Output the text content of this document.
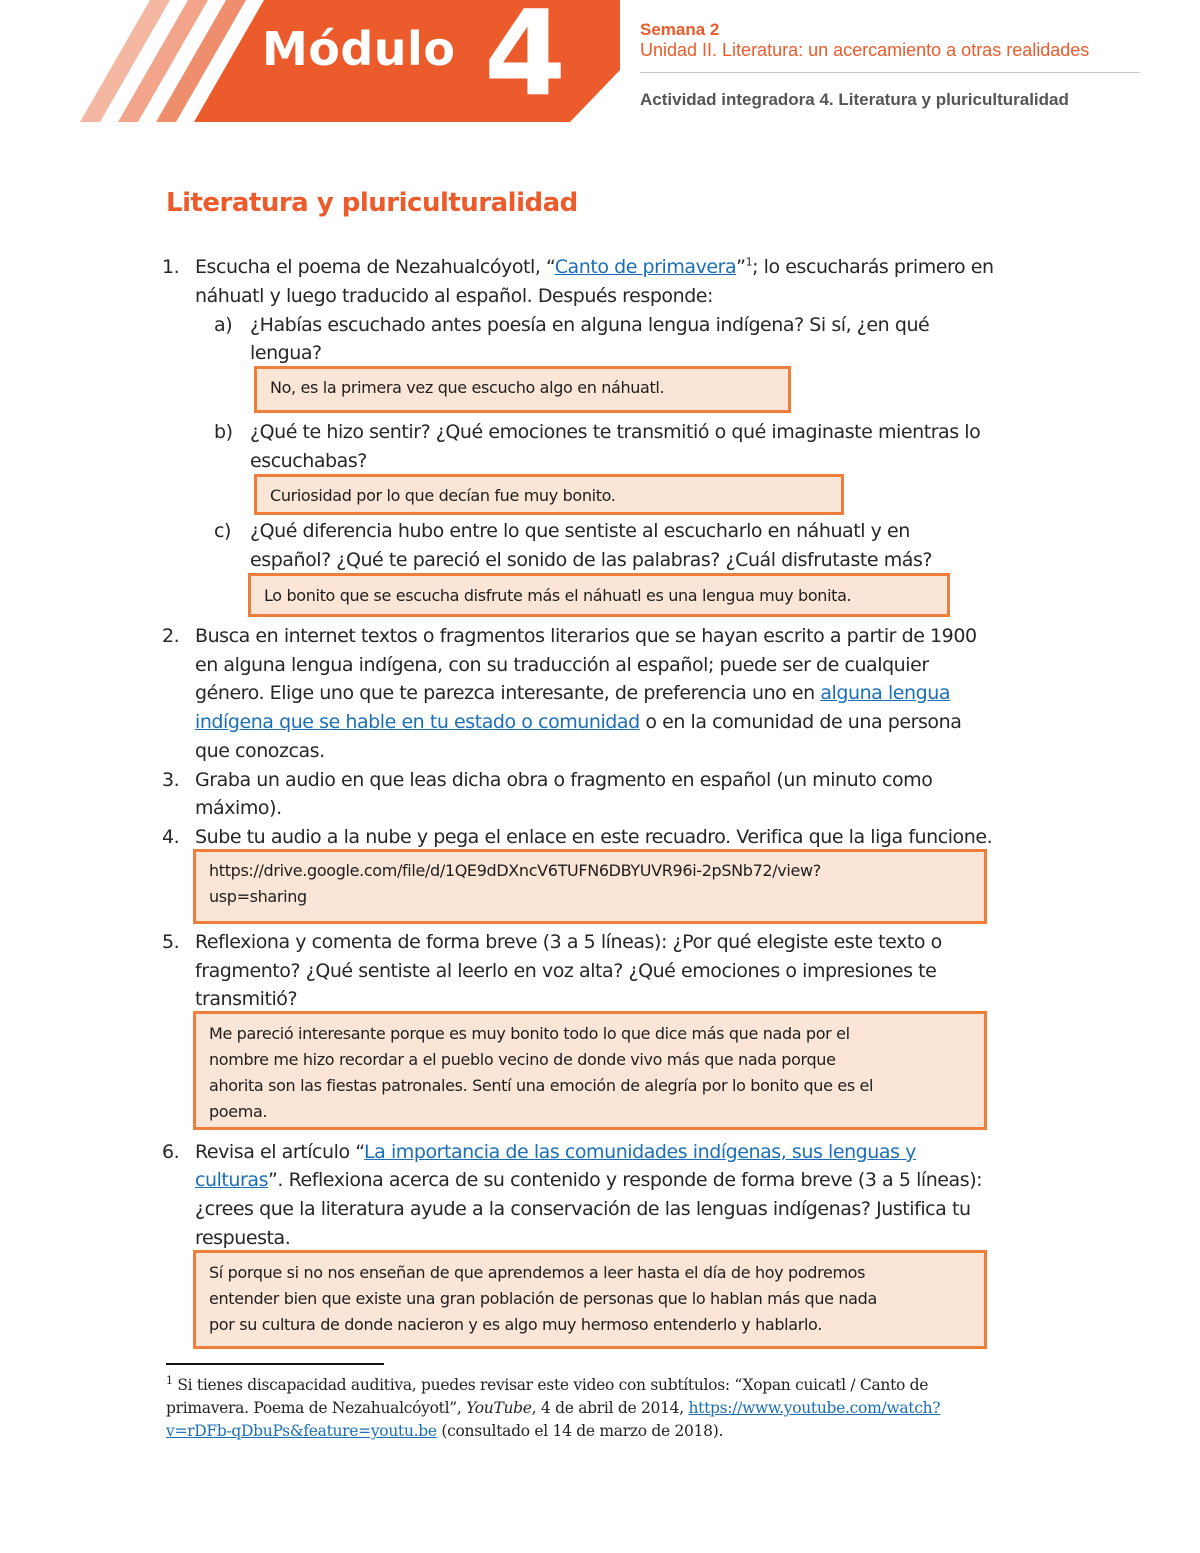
Módulo 4	Semana 2
Unidad II. Literatura: un acercamiento a otras realidades
Actividad integradora 4. Literatura y pluriculturalidad
Literatura y pluriculturalidad
1. Escucha el poema de Nezahualcóyotl, “Canto de primavera”$^1$; lo escucharás primero en
náhuatl y luego traducido al español. Después responde:
a) ¿Habías escuchado antes poesía en alguna lengua indígena? Si sí, ¿en qué
lengua?
No, es la primera vez que escucho algo en náhuatl.
b) ¿Qué te hizo sentir? ¿Qué emociones te transmitió o qué imaginaste mientras lo
escuchabas?
Curiosidad por lo que decían fue muy bonito.
c) ¿Qué diferencia hubo entre lo que sentiste al escucharlo en náhuatl y en
español? ¿Qué te pareció el sonido de las palabras? ¿Cuál disfrutaste más?
Lo bonito que se escucha disfrute más el náhuatl es una lengua muy bonita.
2. Busca en internet textos o fragmentos literarios que se hayan escrito a partir de 1900
en alguna lengua indígena, con su traducción al español; puede ser de cualquier
género. Elige uno que te parezca interesante, de preferencia uno en alguna lengua
indígena que se hable en tu estado o comunidad o en la comunidad de una persona
que conozcas.
3. Graba un audio en que leas dicha obra o fragmento en español (un minuto como
máximo).
4. Sube tu audio a la nube y pega el enlace en este recuadro. Verifica que la liga funcione.
https://drive.google.com/file/d/1QE9dDXncV6TUFN6DBYUVR96i-2pSNb72/view?
usp=sharing
5. Reflexiona y comenta de forma breve (3 a 5 líneas): ¿Por qué elegiste este texto o
fragmento? ¿Qué sentiste al leerlo en voz alta? ¿Qué emociones o impresiones te
transmitió?
Me pareció interesante porque es muy bonito todo lo que dice más que nada por el
nombre me hizo recordar a el pueblo vecino de donde vivo más que nada porque
ahorita son las fiestas patronales. Sentí una emoción de alegría por lo bonito que es el
poema.
6. Revisa el artículo “La importancia de las comunidades indígenas, sus lenguas y
culturas”. Reflexiona acerca de su contenido y responde de forma breve (3 a 5 líneas):
¿crees que la literatura ayude a la conservación de las lenguas indígenas? Justifica tu
respuesta.
Sí porque si no nos enseñan de que aprendemos a leer hasta el día de hoy podremos
entender bien que existe una gran población de personas que lo hablan más que nada
por su cultura de donde nacieron y es algo muy hermoso entenderlo y hablarlo.
$^1$ Si tienes discapacidad auditiva, puedes revisar este video con subtítulos: “Xopan cuicatl / Canto de
primavera. Poema de Nezahualcóyotl”, YouTube, 4 de abril de 2014, https://www.youtube.com/watch?
v=rDFb-qDbuPs&feature=youtu.be (consultado el 14 de marzo de 2018).
